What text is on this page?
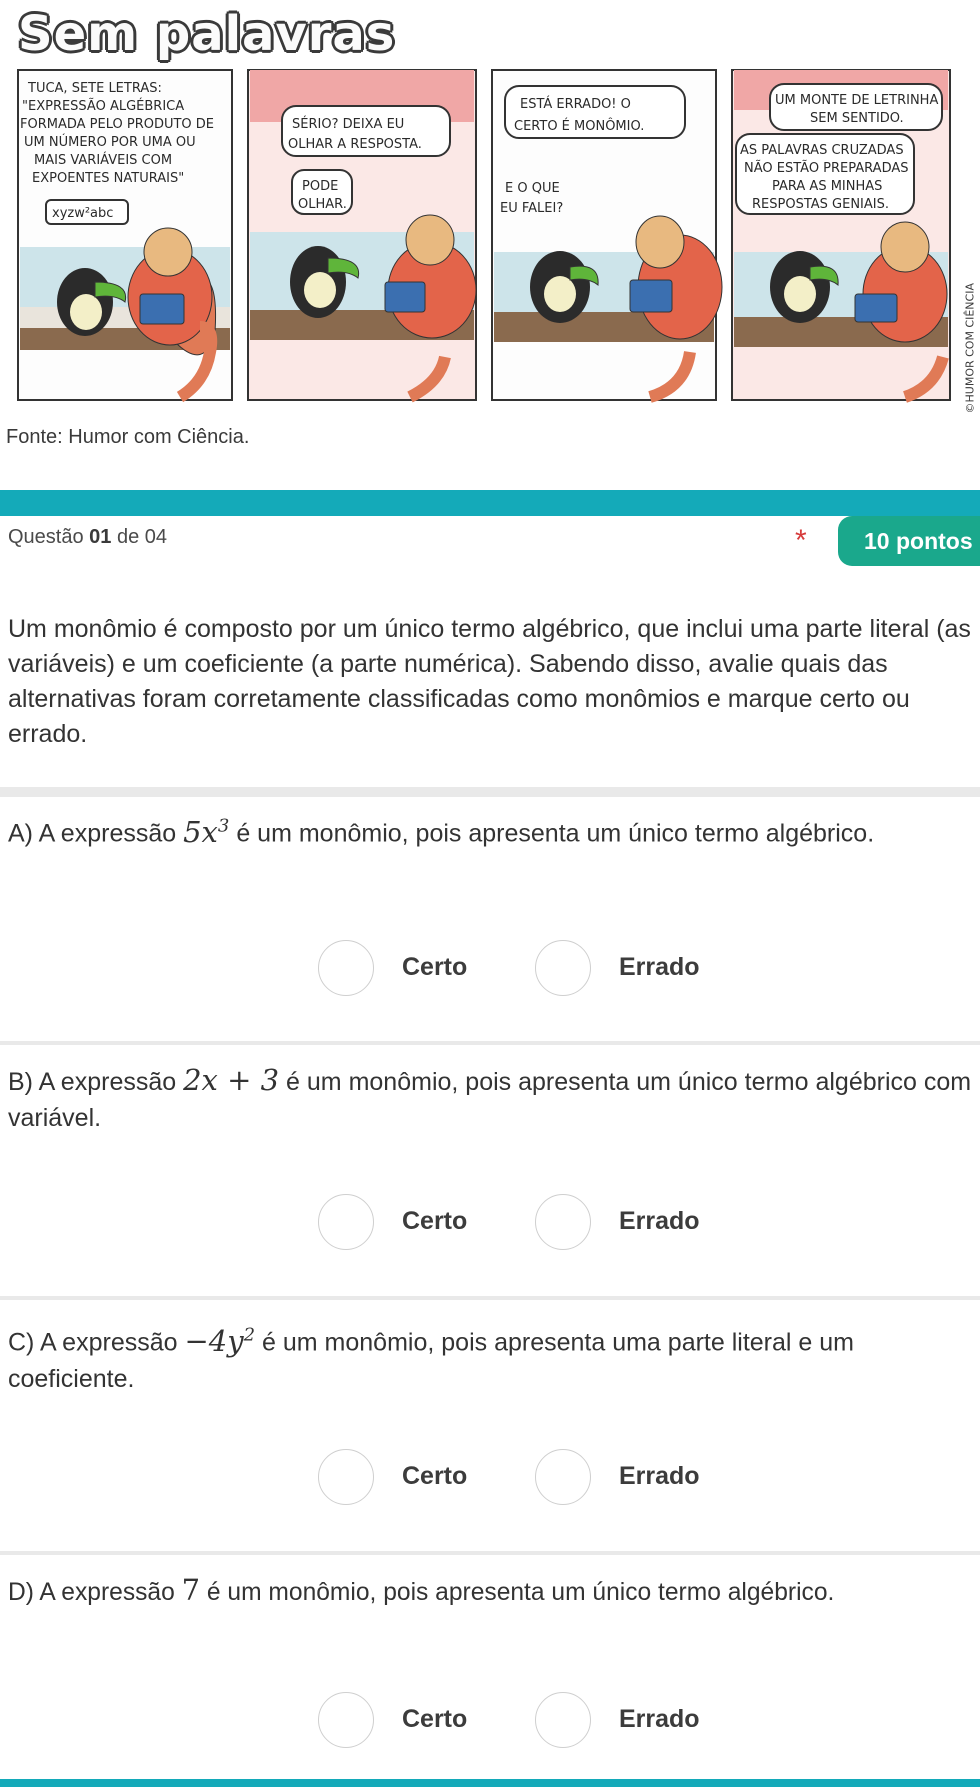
Sem palavras
TUCA, SETE LETRAS:
"EXPRESSÃO ALGÉBRICA
FORMADA PELO PRODUTO DE
UM NÚMERO POR UMA OU
MAIS VARIÁVEIS COM
EXPOENTES NATURAIS"
xyzw²abc
SÉRIO? DEIXA EU
OLHAR A RESPOSTA.
PODE
OLHAR.
ESTÁ ERRADO! O
CERTO É MONÔMIO.
E O QUE
EU FALEI?
UM MONTE DE LETRINHA
SEM SENTIDO.
AS PALAVRAS CRUZADAS
NÃO ESTÃO PREPARADAS
PARA AS MINHAS
RESPOSTAS GENIAIS.
©HUMOR COM CIÊNCIA
Fonte: Humor com Ciência.
Questão 01 de 04	*	10 pontos
Um monômio é composto por um único termo algébrico, que inclui uma parte literal (as variáveis) e um coeficiente (a parte numérica). Sabendo disso, avalie quais das alternativas foram corretamente classificadas como monômios e marque certo ou errado.
A) A expressão $5x^3$ é um monômio, pois apresenta um único termo algébrico.
Certo	Errado
B) A expressão 2x + 3 é um monômio, pois apresenta um único termo algébrico com variável.
Certo	Errado
C) A expressão $-4y^2$ é um monômio, pois apresenta uma parte literal e um coeficiente.
Certo	Errado
D) A expressão 7 é um monômio, pois apresenta um único termo algébrico.
Certo	Errado
